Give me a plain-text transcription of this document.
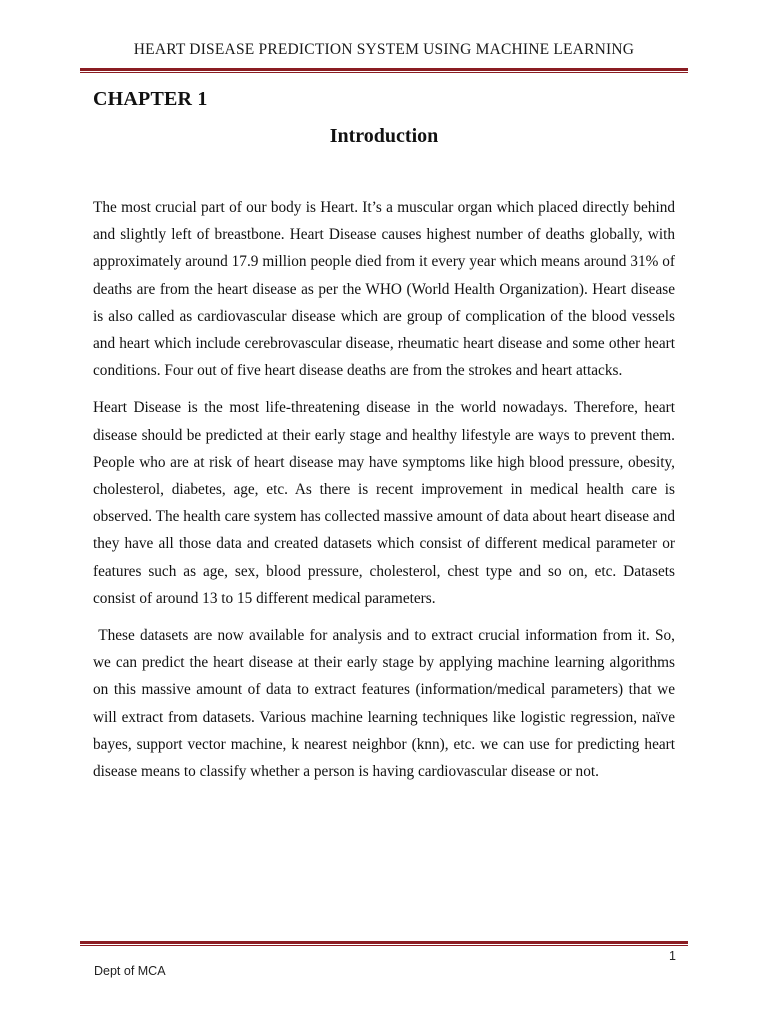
HEART DISEASE PREDICTION SYSTEM USING MACHINE LEARNING
CHAPTER 1
Introduction

The most crucial part of our body is Heart. It’s a muscular organ which placed directly behind and slightly left of breastbone. Heart Disease causes highest number of deaths globally, with approximately around 17.9 million people died from it every year which means around 31% of deaths are from the heart disease as per the WHO (World Health Organization). Heart disease is also called as cardiovascular disease which are group of complication of the blood vessels and heart which include cerebrovascular disease, rheumatic heart disease and some other heart conditions. Four out of five heart disease deaths are from the strokes and heart attacks.

Heart Disease is the most life-threatening disease in the world nowadays. Therefore, heart disease should be predicted at their early stage and healthy lifestyle are ways to prevent them. People who are at risk of heart disease may have symptoms like high blood pressure, obesity, cholesterol, diabetes, age, etc. As there is recent improvement in medical health care is observed. The health care system has collected massive amount of data about heart disease and they have all those data and created datasets which consist of different medical parameter or features such as age, sex, blood pressure, cholesterol, chest type and so on, etc. Datasets consist of around 13 to 15 different medical parameters.

These datasets are now available for analysis and to extract crucial information from it. So, we can predict the heart disease at their early stage by applying machine learning algorithms on this massive amount of data to extract features (information/medical parameters) that we will extract from datasets. Various machine learning techniques like logistic regression, naïve bayes, support vector machine, k nearest neighbor (knn), etc. we can use for predicting heart disease means to classify whether a person is having cardiovascular disease or not.

1
Dept of MCA
